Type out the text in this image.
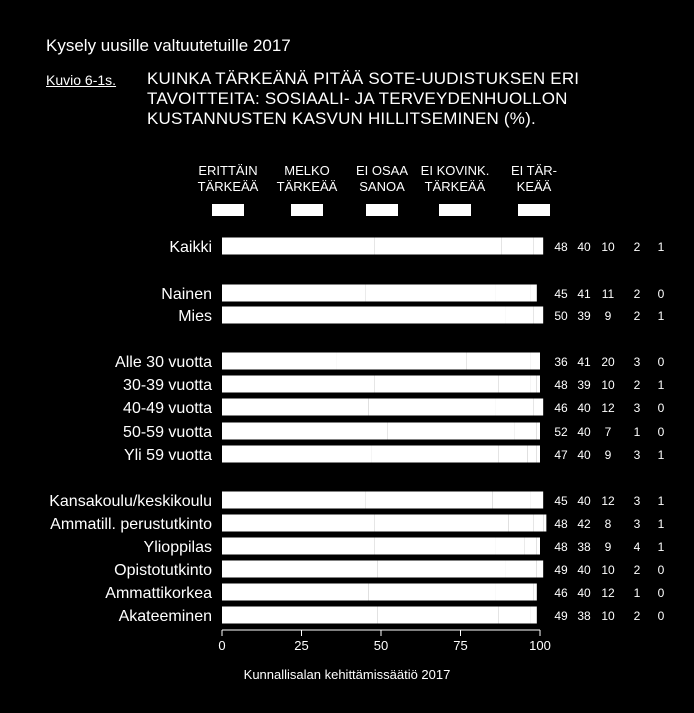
Kysely uusille valtuutetuille 2017
Kuvio 6-1s. KUINKA TÄRKEÄNÄ PITÄÄ SOTE-UUDISTUKSEN ERI TAVOITTEITA: SOSIAALI- JA TERVEYDENHUOLLON KUSTANNUSTEN KASVUN HILLITSEMINEN (%).
ERITTÄIN TÄRKEÄÄ
MELKO TÄRKEÄÄ
EI OSAA SANOA
EI KOVINK. TÄRKEÄÄ
EI TÄR-KEÄÄ
Kaikki	48 40 10 2 1
Nainen	45 41 11 2 0
Mies	50 39 9 2 1
Alle 30 vuotta	36 41 20 3 0
30-39 vuotta	48 39 10 2 1
40-49 vuotta	46 40 12 3 0
50-59 vuotta	52 40 7 1 0
Yli 59 vuotta	47 40 9 3 1
Kansakoulu/keskikoulu	45 40 12 3 1
Ammatill. perustutkinto	48 42 8 3 1
Ylioppilas	48 38 9 4 1
Opistotutkinto	49 40 10 2 0
Ammattikorkea	46 40 12 1 0
Akateeminen	49 38 10 2 0
0	25	50	75	100
Kunnallisalan kehittämissäätiö 2017
